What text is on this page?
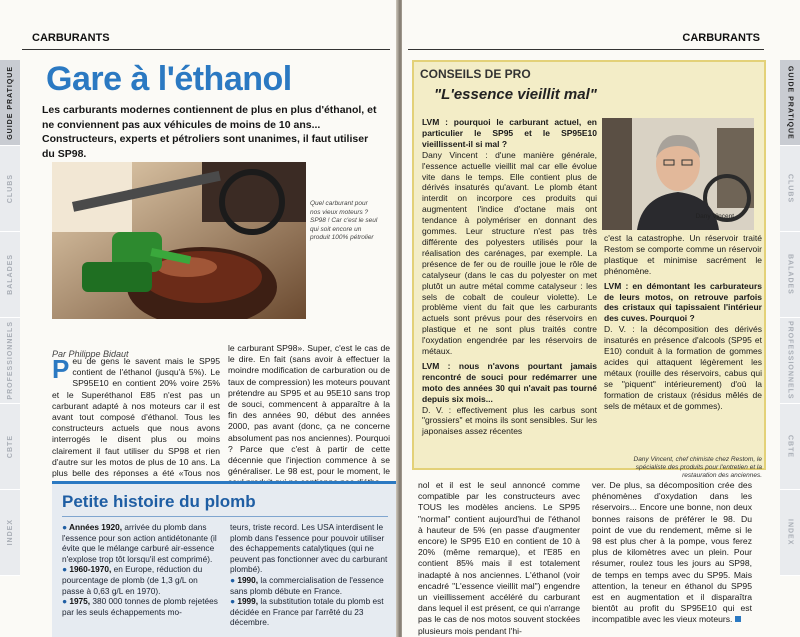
GUIDE PRATIQUE
CLUBS
BALADES
PROFESSIONNELS
CBTE
INDEX
CARBURANTS
Gare à l'éthanol

Les carburants modernes contiennent de plus en plus d'éthanol, et ne conviennent pas aux véhicules de moins de 10 ans... Constructeurs, experts et pétroliers sont unanimes, il faut utiliser du SP98.

Quel carburant pour nos vieux moteurs ? SP98 ! Car c'est le seul qui soit encore un produit 100% pétrolier

Par Philippe Bidaut

Peu de gens le savent mais le SP95 contient de l'éthanol (jusqu'à 5%). Le SP95E10 en contient 20% voire 25% et le Superéthanol E85 n'est pas un carburant adapté à nos moteurs car il est avant tout composé d'éthanol. Tous les constructeurs actuels que nous avons interrogés le disent plus ou moins clairement il faut utiliser du SP98 et rien d'autre sur les motos de plus de 10 ans. La plus belle des réponses a été «Tous nos
le carburant SP98». Super, c'est le cas de le dire. En fait (sans avoir à effectuer la moindre modification de carburation ou de taux de compression) les moteurs pouvant prétendre au SP95 et au 95E10 sans trop de souci, commencent à apparaître à la fin des années 90, début des années 2000, pas avant (donc, ça ne concerne absolument pas nos anciennes). Pourquoi ? Parce que c'est à partir de cette décennie que l'injection commence à se généraliser. Le 98 est, pour le moment, le
Petite histoire du plomb
● Années 1920, arrivée du plomb dans l'essence pour son action antidétonante (il évite que le mélange carburé air-essence n'explose trop tôt lorsqu'il est comprimé).
● 1960-1970, en Europe, réduction du pourcentage de plomb (de 1,3 g/L on passe à 0,63 g/L en 1970).
● 1975, 380 000 tonnes de plomb rejetées par les seuls échappements mo-
teurs, triste record. Les USA interdisent le plomb dans l'essence pour pouvoir utiliser des échappements catalytiques (qui ne peuvent pas fonctionner avec du carburant plombé).
● 1990, la commercialisation de l'essence sans plomb débute en France.
● 1999, la substitution totale du plomb est décidée en France par l'arrêté du 23 décembre.
GUIDE PRATIQUE
CLUBS
BALADES
PROFESSIONNELS
CBTE
INDEX
CARBURANTS
CONSEILS DE PRO
"L'essence vieillit mal"

LVM : pourquoi le carburant actuel, en particulier le SP95 et le SP95E10 vieillissent-il si mal ?
Dany Vincent : d'une manière générale, l'essence actuelle vieillit mal car elle évolue vite dans le temps. Elle contient plus de dérivés insaturés qu'avant. Le plomb étant interdit on incorpore ces produits qui augmentent l'indice d'octane mais ont tendance à polymériser en donnant des gommes. Leur structure n'est pas très différente des polyesters utilisés pour la réalisation des carénages, par exemple. La présence de fer ou de rouille joue le rôle de catalyseur (dans le cas du polyester on met plutôt un autre métal comme catalyseur : les sels de cobalt de couleur violette). Le problème vient du fait que les carburants actuels sont prévus pour des réservoirs en plastique et ne sont plus traités contre l'oxydation engendrée par les réservoirs de métaux.

LVM : nous n'avons pourtant jamais rencontré de souci pour redémarrer une moto des années 30 qui n'avait pas tourné depuis six mois...
D. V. : effectivement plus les carbus sont "grossiers" et moins ils sont sensibles. Sur les japonaises assez récentes

Dany Vincent

c'est la catastrophe. Un réservoir traité Restom se comporte comme un réservoir plastique et minimise sacrément le phénomène.

LVM : en démontant les carburateurs de leurs motos, on retrouve parfois des cristaux qui tapissaient l'intérieur des cuves. Pourquoi ?
D. V. : la décomposition des dérivés insaturés en présence d'alcools (SP95 et E10) conduit à la formation de gommes acides qui attaquent légèrement les métaux (rouille des réservoirs, cabus qui se "piquent" intérieurement) d'où la formation de cristaux (résidus mêlés de sels de métaux et de gommes).

Dany Vincent, chef chimiste chez Restom, le spécialiste des produits pour l'entretien et la restauration des anciennes.

nol et il est le seul annoncé comme compatible par les constructeurs avec TOUS les modèles anciens. Le SP95 "normal" contient aujourd'hui de l'éthanol à hauteur de 5% (en passe d'augmenter encore) le SP95 E10 en contient de 10 à 20% (même remarque), et l'E85 en contient 85% mais il est totalement inadapté à nos anciennes. L'éthanol (voir encadré "L'essence vieillit mal") engendre un vieillissement accéléré du carburant dans lequel il est présent, ce qui n'arrange pas le cas de nos motos souvent stockées plusieurs mois pendant l'hi-
ver. De plus, sa décomposition crée des phénomènes d'oxydation dans les réservoirs... Encore une bonne, non deux bonnes raisons de préférer le 98. Du point de vue du rendement, même si le 98 est plus cher à la pompe, vous ferez plus de kilomètres avec un plein. Pour résumer, roulez tous les jours au SP98, de temps en temps avec du SP95. Mais attention, la teneur en éthanol du SP95 est en augmentation et il disparaîtra bientôt au profit du SP95E10 qui est incompatible avec les vieux moteurs.
